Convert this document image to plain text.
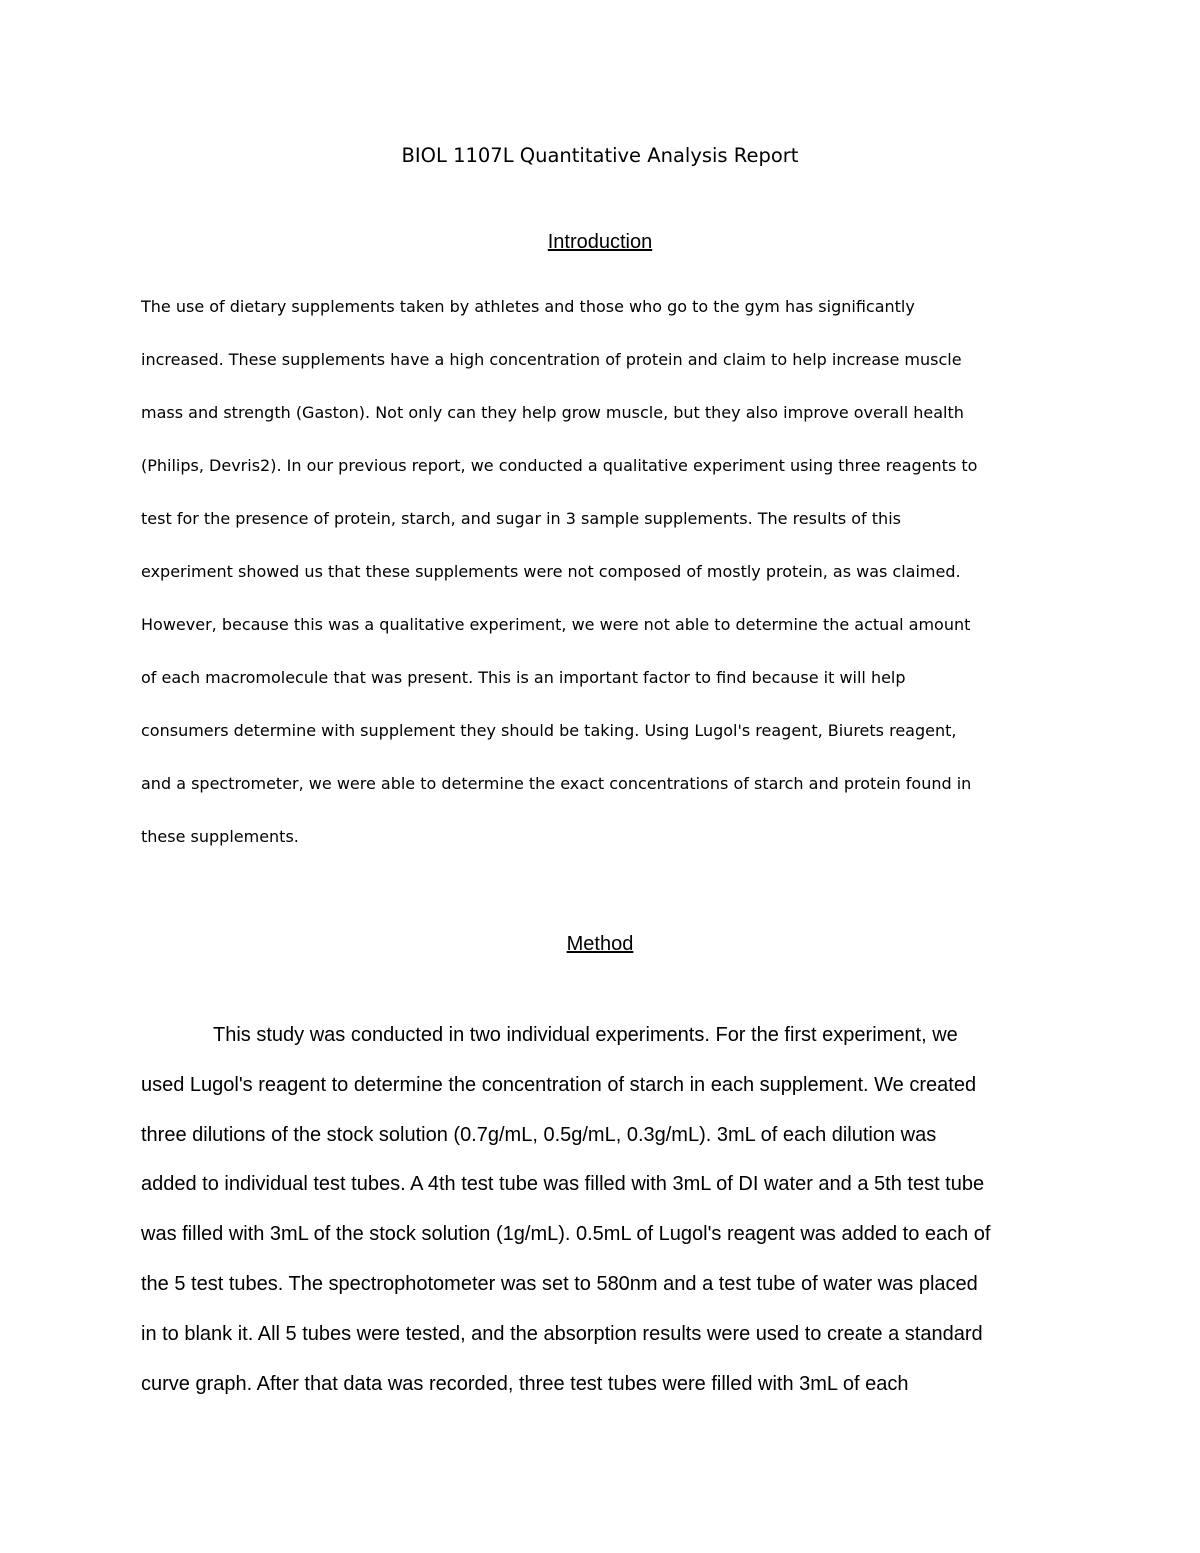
BIOL 1107L Quantitative Analysis Report
Introduction
The use of dietary supplements taken by athletes and those who go to the gym has significantly
increased. These supplements have a high concentration of protein and claim to help increase muscle
mass and strength (Gaston). Not only can they help grow muscle, but they also improve overall health
(Philips, Devris2). In our previous report, we conducted a qualitative experiment using three reagents to
test for the presence of protein, starch, and sugar in 3 sample supplements. The results of this
experiment showed us that these supplements were not composed of mostly protein, as was claimed.
However, because this was a qualitative experiment, we were not able to determine the actual amount
of each macromolecule that was present. This is an important factor to find because it will help
consumers determine with supplement they should be taking. Using Lugol's reagent, Biurets reagent,
and a spectrometer, we were able to determine the exact concentrations of starch and protein found in
these supplements.
Method
This study was conducted in two individual experiments. For the first experiment, we
used Lugol's reagent to determine the concentration of starch in each supplement. We created
three dilutions of the stock solution (0.7g/mL, 0.5g/mL, 0.3g/mL). 3mL of each dilution was
added to individual test tubes. A 4th test tube was filled with 3mL of DI water and a 5th test tube
was filled with 3mL of the stock solution (1g/mL). 0.5mL of Lugol's reagent was added to each of
the 5 test tubes. The spectrophotometer was set to 580nm and a test tube of water was placed
in to blank it. All 5 tubes were tested, and the absorption results were used to create a standard
curve graph. After that data was recorded, three test tubes were filled with 3mL of each
